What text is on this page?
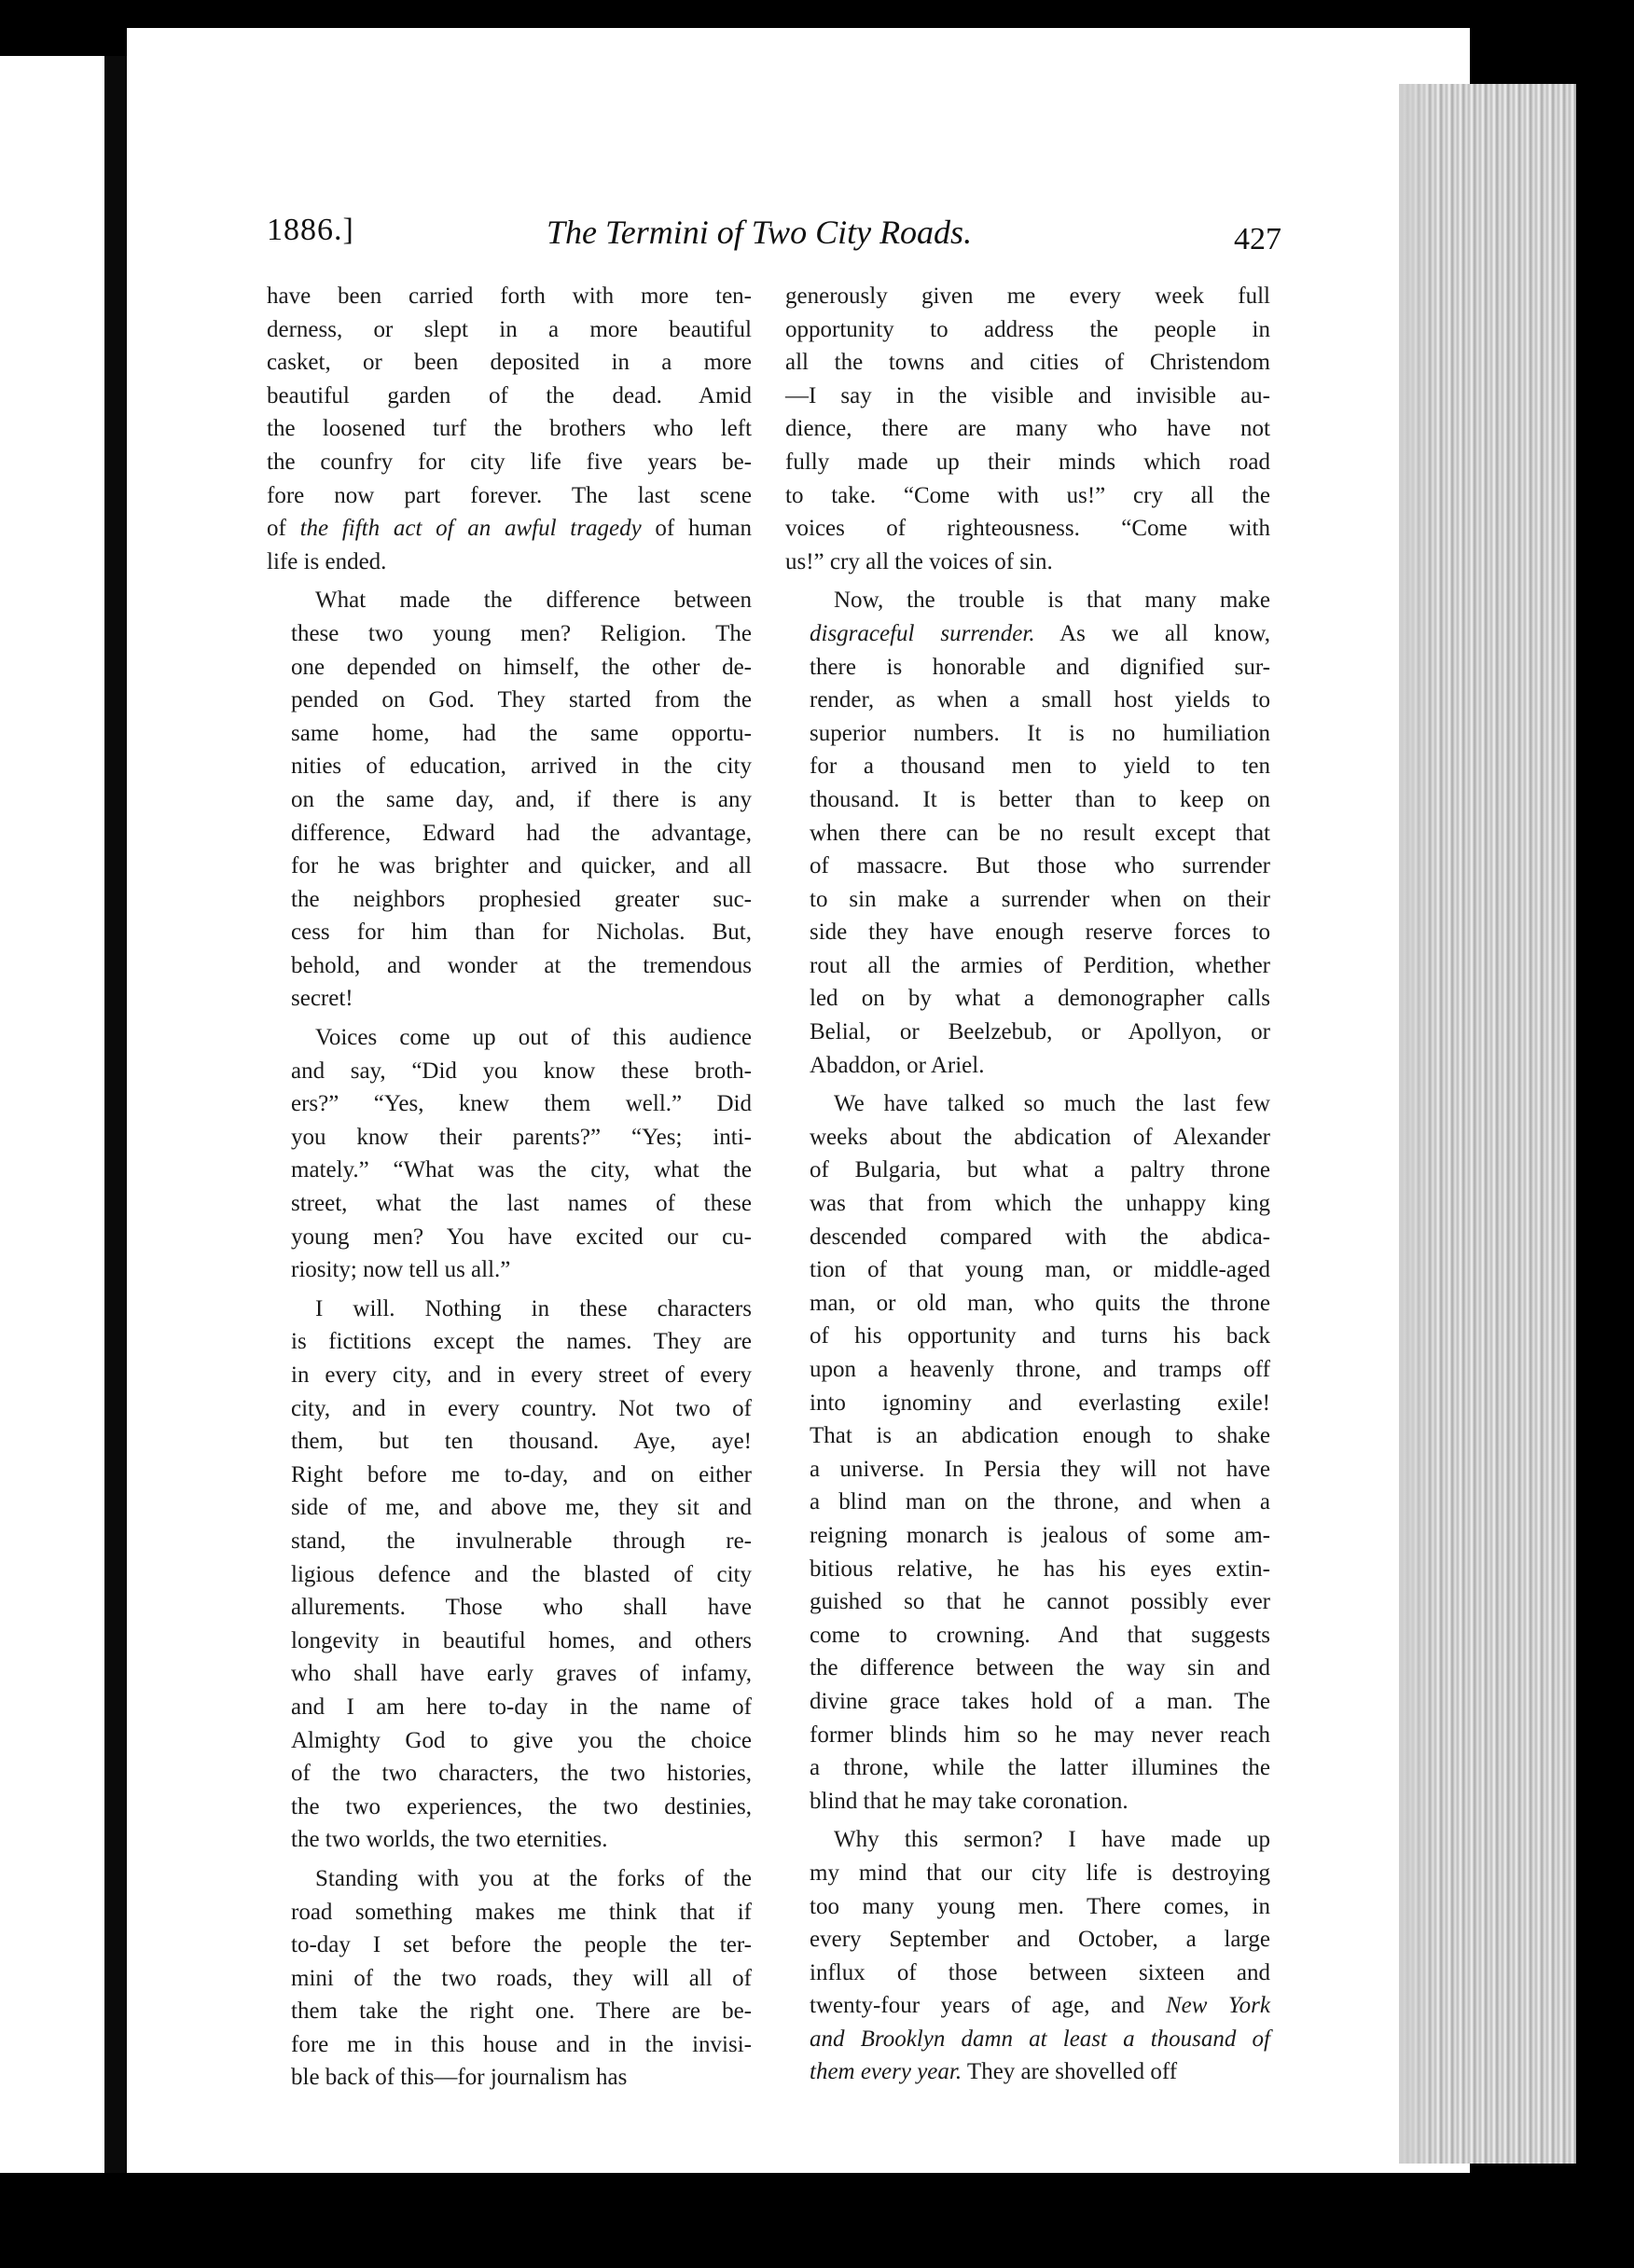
1886.]	The Termini of Two City Roads.	427

have been carried forth with more ten-
derness, or slept in a more beautiful
casket, or been deposited in a more
beautiful garden of the dead. Amid
the loosened turf the brothers who left
the counfry for city life five years be-
fore now part forever. The last scene
of the fifth act of an awful tragedy of human
life is ended.

What made the difference between
these two young men? Religion. The
one depended on himself, the other de-
pended on God. They started from the
same home, had the same opportu-
nities of education, arrived in the city
on the same day, and, if there is any
difference, Edward had the advantage,
for he was brighter and quicker, and all
the neighbors prophesied greater suc-
cess for him than for Nicholas. But,
behold, and wonder at the tremendous
secret!

Voices come up out of this audience
and say, “Did you know these broth-
ers?” “Yes, knew them well.” Did
you know their parents?” “Yes; inti-
mately.” “What was the city, what the
street, what the last names of these
young men? You have excited our cu-
riosity; now tell us all.”

I will. Nothing in these characters
is fictitions except the names. They are
in every city, and in every street of every
city, and in every country. Not two of
them, but ten thousand. Aye, aye!
Right before me to-day, and on either
side of me, and above me, they sit and
stand, the invulnerable through re-
ligious defence and the blasted of city
allurements. Those who shall have
longevity in beautiful homes, and others
who shall have early graves of infamy,
and I am here to-day in the name of
Almighty God to give you the choice
of the two characters, the two histories,
the two experiences, the two destinies,
the two worlds, the two eternities.

Standing with you at the forks of the
road something makes me think that if
to-day I set before the people the ter-
mini of the two roads, they will all of
them take the right one. There are be-
fore me in this house and in the invisi-
ble back of this—for journalism has

generously given me every week full
opportunity to address the people in
all the towns and cities of Christendom
—I say in the visible and invisible au-
dience, there are many who have not
fully made up their minds which road
to take. “Come with us!” cry all the
voices of righteousness. “Come with
us!” cry all the voices of sin.

Now, the trouble is that many make
disgraceful surrender. As we all know,
there is honorable and dignified sur-
render, as when a small host yields to
superior numbers. It is no humiliation
for a thousand men to yield to ten
thousand. It is better than to keep on
when there can be no result except that
of massacre. But those who surrender
to sin make a surrender when on their
side they have enough reserve forces to
rout all the armies of Perdition, whether
led on by what a demonographer calls
Belial, or Beelzebub, or Apollyon, or
Abaddon, or Ariel.

We have talked so much the last few
weeks about the abdication of Alexander
of Bulgaria, but what a paltry throne
was that from which the unhappy king
descended compared with the abdica-
tion of that young man, or middle-aged
man, or old man, who quits the throne
of his opportunity and turns his back
upon a heavenly throne, and tramps off
into ignominy and everlasting exile!
That is an abdication enough to shake
a universe. In Persia they will not have
a blind man on the throne, and when a
reigning monarch is jealous of some am-
bitious relative, he has his eyes extin-
guished so that he cannot possibly ever
come to crowning. And that suggests
the difference between the way sin and
divine grace takes hold of a man. The
former blinds him so he may never reach
a throne, while the latter illumines the
blind that he may take coronation.

Why this sermon? I have made up
my mind that our city life is destroying
too many young men. There comes, in
every September and October, a large
influx of those between sixteen and
twenty-four years of age, and New York
and Brooklyn damn at least a thousand of
them every year. They are shovelled off
